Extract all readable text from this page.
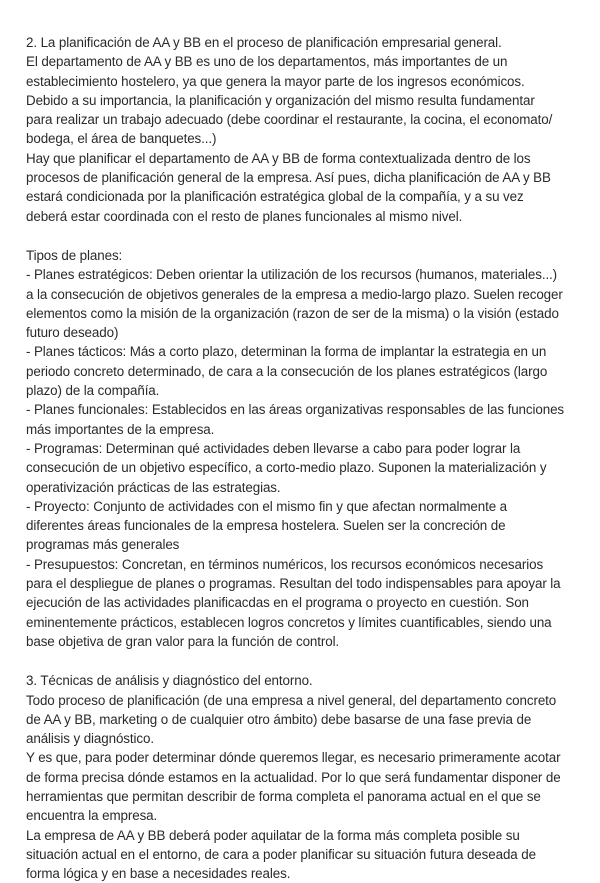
2. La planificación de AA y BB en el proceso de planificación empresarial general.
El departamento de AA y BB es uno de los departamentos, más importantes de un
establecimiento hostelero, ya que genera la mayor parte de los ingresos económicos.
Debido a su importancia, la planificación y organización del mismo resulta fundamentar
para realizar un trabajo adecuado (debe coordinar el restaurante, la cocina, el economato/
bodega, el área de banquetes...)
Hay que planificar el departamento de AA y BB de forma contextualizada dentro de los
procesos de planificación general de la empresa. Así pues, dicha planificación de AA y BB
estará condicionada por la planificación estratégica global de la compañía, y a su vez
deberá estar coordinada con el resto de planes funcionales al mismo nivel.
Tipos de planes:
- Planes estratégicos: Deben orientar la utilización de los recursos (humanos, materiales...)
a la consecución de objetivos generales de la empresa a medio-largo plazo. Suelen recoger
elementos como la misión de la organización (razon de ser de la misma) o la visión (estado
futuro deseado)
- Planes tácticos: Más a corto plazo, determinan la forma de implantar la estrategia en un
periodo concreto determinado, de cara a la consecución de los planes estratégicos (largo
plazo) de la compañía.
- Planes funcionales: Establecidos en las áreas organizativas responsables de las funciones
más importantes de la empresa.
- Programas: Determinan qué actividades deben llevarse a cabo para poder lograr la
consecución de un objetivo específico, a corto-medio plazo. Suponen la materialización y
operativización prácticas de las estrategias.
- Proyecto: Conjunto de actividades con el mismo fin y que afectan normalmente a
diferentes áreas funcionales de la empresa hostelera. Suelen ser la concreción de
programas más generales
- Presupuestos: Concretan, en términos numéricos, los recursos económicos necesarios
para el despliegue de planes o programas. Resultan del todo indispensables para apoyar la
ejecución de las actividades planificacdas en el programa o proyecto en cuestión. Son
eminentemente prácticos, establecen logros concretos y límites cuantificables, siendo una
base objetiva de gran valor para la función de control.
3. Técnicas de análisis y diagnóstico del entorno.
Todo proceso de planificación (de una empresa a nivel general, del departamento concreto
de AA y BB, marketing o de cualquier otro ámbito) debe basarse de una fase previa de
análisis y diagnóstico.
Y es que, para poder determinar dónde queremos llegar, es necesario primeramente acotar
de forma precisa dónde estamos en la actualidad. Por lo que será fundamentar disponer de
herramientas que permitan describir de forma completa el panorama actual en el que se
encuentra la empresa.
La empresa de AA y BB deberá poder aquilatar de la forma más completa posible su
situación actual en el entorno, de cara a poder planificar su situación futura deseada de
forma lógica y en base a necesidades reales.
